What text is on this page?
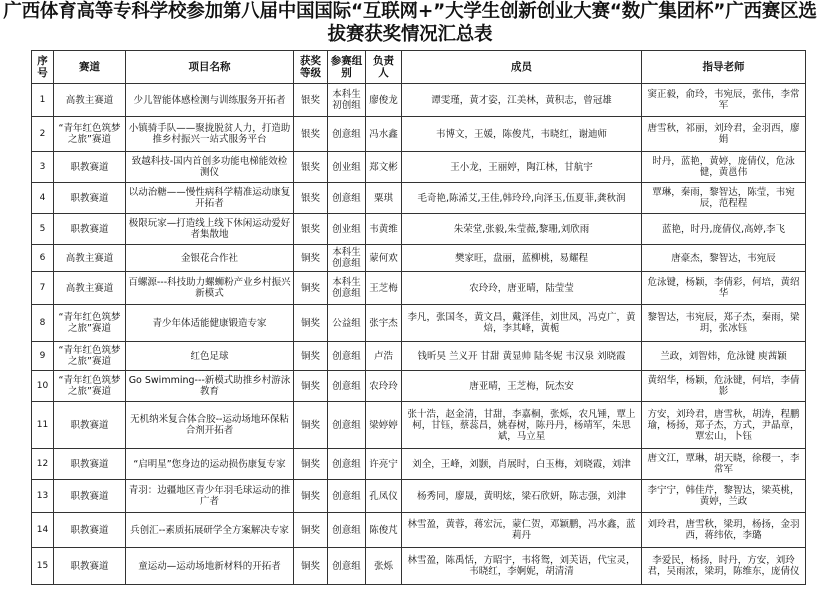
广西体育高等专科学校参加第八届中国国际“互联网+”大学生创新创业大赛“数广集团杯”广西赛区选拔赛获奖情况汇总表
序号	赛道	项目名称	获奖等级	参赛组别	负责人	成员	指导老师
1	高教主赛道	少儿智能体感检测与训练服务开拓者	银奖	本科生初创组	廖俊龙	谭雯瑾，黄才姿，江美林，黄积志，曾冠雄	窦正毅，俞玲，韦宛辰，张伟，李常军
2	“青年红色筑梦之旅”赛道	小镇骑手队——聚拢脱贫人力，打造助推乡村振兴一站式服务平台	银奖	创意组	冯水鑫	韦博文，王媛，陈俊芃，韦晓红，谢迪师	唐雪秋，祁丽，刘玲君，金羽西，廖娟
3	职教赛道	致越科技-国内首创多功能电梯能效检测仪	银奖	创业组	郑文彬	王小龙，王丽婷，陶江林，甘航宇	时丹，蓝艳，黄婷，庞倩仪，危泳健，黄邕伟
4	职教赛道	以动治糖——慢性病科学精准运动康复开拓者	银奖	创意组	粟琪	毛奇艳,陈浠艾,王佳,韩玲玲,向泽玉,伍夏菲,龚秋润	覃琳，秦雨，黎智达，陈莹，韦宛辰，范程程
5	职教赛道	极限玩家—打造线上线下休闲运动爱好者集散地	银奖	创业组	韦黄维	朱荣堂,张毅,朱莹薇,黎珊,刘欣雨	蓝艳，时丹,庞倩仪,高婷,李飞
6	高教主赛道	金银花合作社	铜奖	本科生创意组	蒙何欢	樊家旺，盘丽，蓝柳桃，易耀程	唐豪杰，黎智达，韦宛辰
7	高教主赛道	百螺源---科技助力螺蛳粉产业乡村振兴新模式	铜奖	本科生创意组	王芝梅	农玲玲，唐亚晴，陆莹莹	危泳键，杨颖，李倩彩，何培，黄绍华
8	“青年红色筑梦之旅”赛道	青少年体适能健康锻造专家	铜奖	公益组	张宇杰	李凡，张国冬，黄文昌，戴泽佳，刘世凤，冯克广，黄焙，李其峰，黄栀	黎智达，韦宛辰，郑子杰，秦雨，梁玥，张冰钰
9	“青年红色筑梦之旅”赛道	红色足球	铜奖	创意组	卢浩	钱昕昊 兰义开 甘甜 黄显帅 陆冬妮 韦汉泉 刘晓霞	兰政，刘智炜，危泳键 庾茜颖
10	“青年红色筑梦之旅”赛道	Go Swimming---新模式助推乡村游泳教育	铜奖	创意组	农玲玲	唐亚晴，王芝梅，阮杰安	黄绍华，杨颖，危泳键，何培，李倩影
11	职教赛道	无机纳米复合体合胶--运动场地环保粘合剂开拓者	铜奖	创意组	梁婷婷	张十浩，赵金清，甘甜，李嘉桐，张烁，农凡锤，覃上柯，甘钰，蔡蕊昌，姚春树，陈丹丹，杨靖军，朱思斌，马立星	方安，刘玲君，唐雪秋，胡涛，程鹏瑜，杨扬，郑子杰，方式，尹晶章，覃宏山，卜钰
12	职教赛道	“启明星”您身边的运动损伤康复专家	铜奖	创意组	许亮宁	刘全，王峰，刘颢，肖展时，白玉梅，刘晓霞，刘津	唐文江，覃琳，胡天晓，徐稷一，李常军
13	职教赛道	青羽：边疆地区青少年羽毛球运动的推广者	铜奖	创意组	孔凤仪	杨秀同，廖晟，黄明炫，梁石欣妍，陈志强，刘津	李宁宁，韩佳芹，黎智达，梁英桃，黄婷，兰政
14	职教赛道	兵创汇--素质拓展研学全方案解决专家	铜奖	创意组	陈俊芃	林雪盈，黄蓉，蒋宏沅，蒙仁贺，邓颖鹏，冯水鑫，蓝莉丹	刘玲君，唐雪秋，梁玥，杨扬，金羽西，蒋纬依，李璐
15	职教赛道	童运动—运动场地新材料的开拓者	铜奖	创意组	张烁	林雪盈，陈禹恬，方昭宇，韦将鸳，刘芙语，代宝灵，韦晓红，李婀妮，胡清清	李爱民，杨扬，时丹，方安，刘玲君，吴雨浓，梁玥，陈维东，庞倩仪
